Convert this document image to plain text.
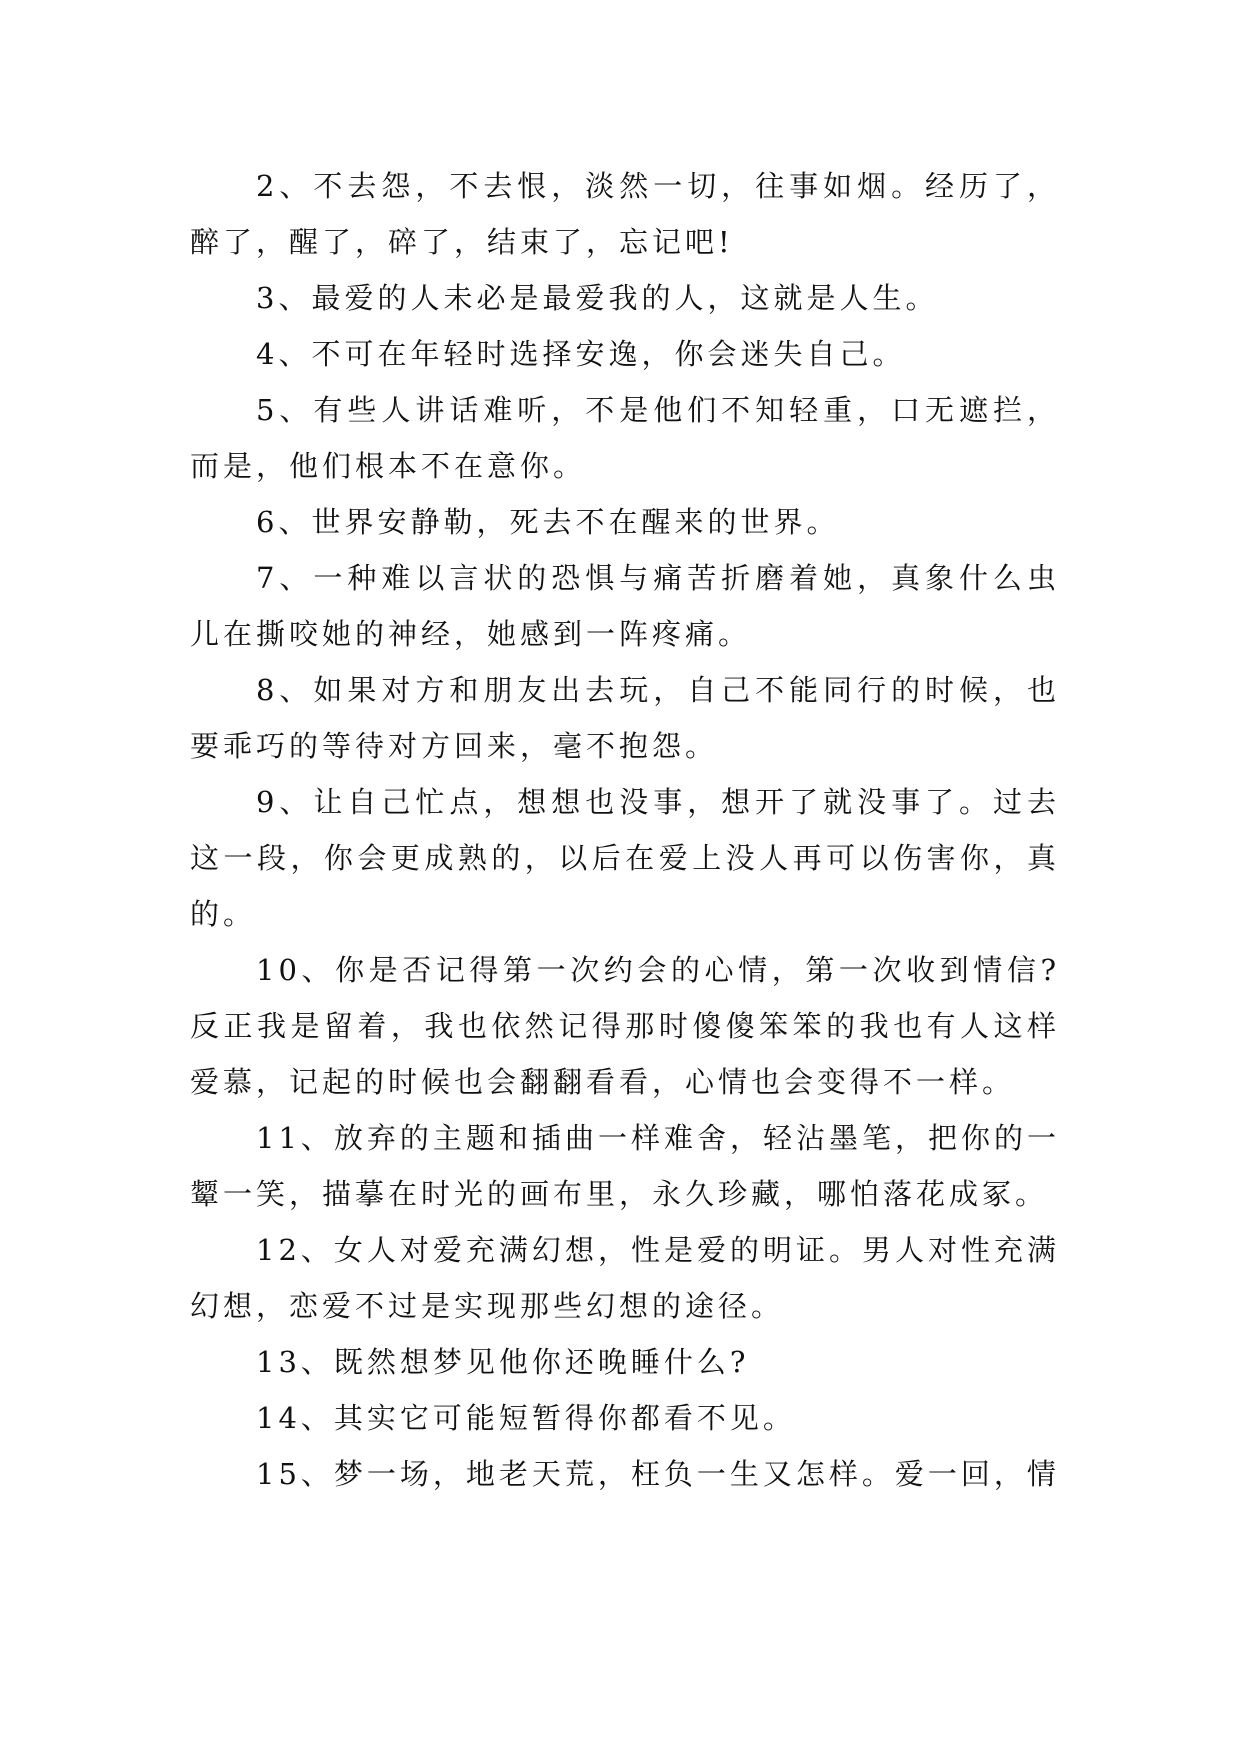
2、不去怨，不去恨，淡然一切，往事如烟。经历了，醉了，醒了，碎了，结束了，忘记吧!

3、最爱的人未必是最爱我的人，这就是人生。

4、不可在年轻时选择安逸，你会迷失自己。

5、有些人讲话难听，不是他们不知轻重，口无遮拦，而是，他们根本不在意你。

6、世界安静勒，死去不在醒来的世界。

7、一种难以言状的恐惧与痛苦折磨着她，真象什么虫儿在撕咬她的神经，她感到一阵疼痛。

8、如果对方和朋友出去玩，自己不能同行的时候，也要乖巧的等待对方回来，毫不抱怨。

9、让自己忙点，想想也没事，想开了就没事了。过去这一段，你会更成熟的，以后在爱上没人再可以伤害你，真的。

10、你是否记得第一次约会的心情，第一次收到情信?反正我是留着，我也依然记得那时傻傻笨笨的我也有人这样爱慕，记起的时候也会翻翻看看，心情也会变得不一样。

11、放弃的主题和插曲一样难舍，轻沾墨笔，把你的一颦一笑，描摹在时光的画布里，永久珍藏，哪怕落花成冢。

12、女人对爱充满幻想，性是爱的明证。男人对性充满幻想，恋爱不过是实现那些幻想的途径。

13、既然想梦见他你还晚睡什么?

14、其实它可能短暂得你都看不见。

15、梦一场，地老天荒，枉负一生又怎样。爱一回，情
